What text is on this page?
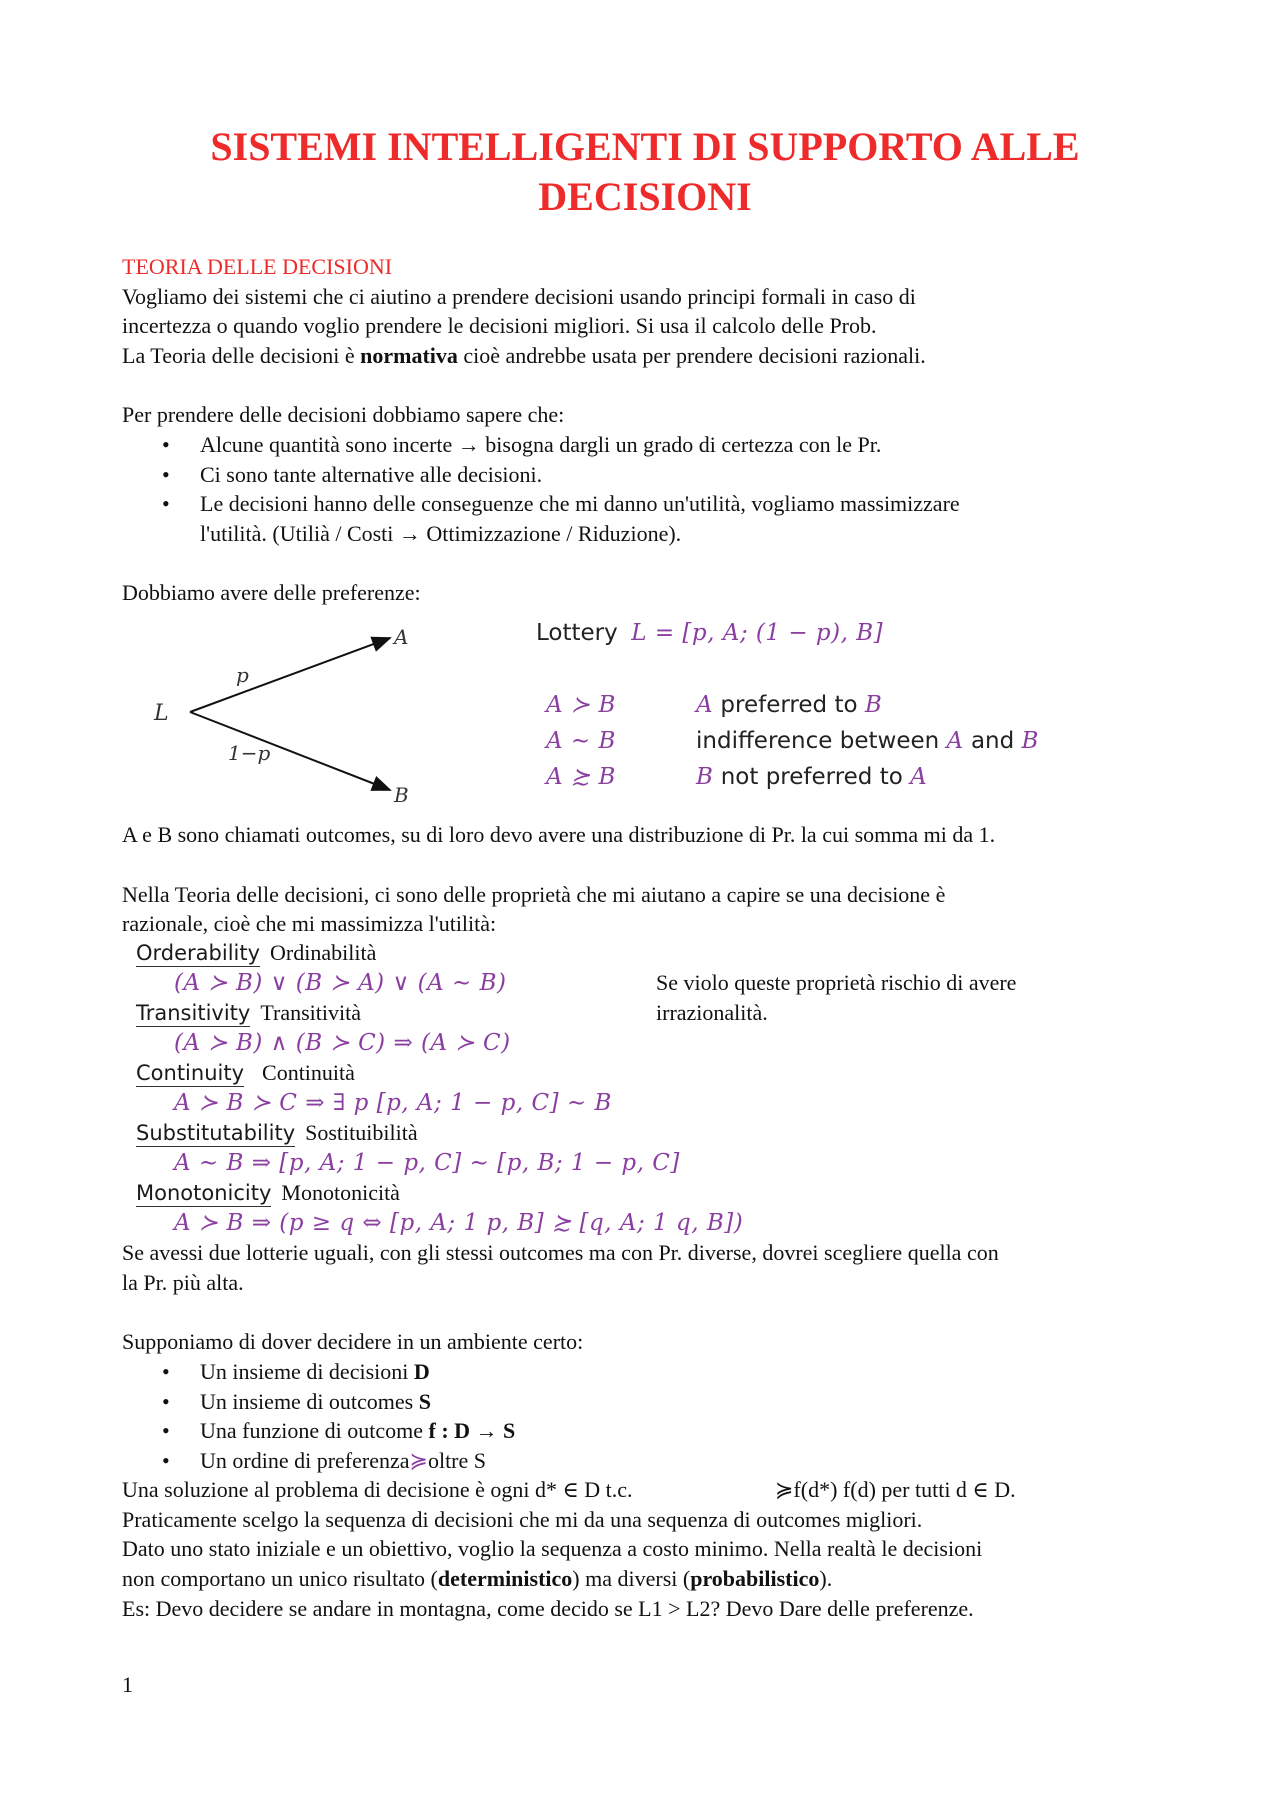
SISTEMI INTELLIGENTI DI SUPPORTO ALLE DECISIONI
TEORIA DELLE DECISIONI
Vogliamo dei sistemi che ci aiutino a prendere decisioni usando principi formali in caso di
incertezza o quando voglio prendere le decisioni migliori. Si usa il calcolo delle Prob.
La Teoria delle decisioni è normativa cioè andrebbe usata per prendere decisioni razionali.
Per prendere delle decisioni dobbiamo sapere che:
• Alcune quantità sono incerte → bisogna dargli un grado di certezza con le Pr.
• Ci sono tante alternative alle decisioni.
• Le decisioni hanno delle conseguenze che mi danno un'utilità, vogliamo massimizzare
l'utilità. (Utilià / Costi → Ottimizzazione / Riduzione).
Dobbiamo avere delle preferenze:
L
A
B
p
1−p
Lottery L = [p, A; (1 − p), B]
A ≻ B	A preferred to B
A ∼ B	indifference between A and B
A ≿ B	B not preferred to A
A e B sono chiamati outcomes, su di loro devo avere una distribuzione di Pr. la cui somma mi da 1.
Nella Teoria delle decisioni, ci sono delle proprietà che mi aiutano a capire se una decisione è
razionale, cioè che mi massimizza l'utilità:
Se violo queste proprietà rischio di avere
irrazionalità.
Orderability Ordinabilità
(A ≻ B) ∨ (B ≻ A) ∨ (A ∼ B)
Transitivity Transitività
(A ≻ B) ∧ (B ≻ C) ⇒ (A ≻ C)
Continuity Continuità
A ≻ B ≻ C ⇒ ∃ p [p, A; 1 − p, C] ∼ B
Substitutability Sostituibilità
A ∼ B ⇒ [p, A; 1 − p, C] ∼ [p, B; 1 − p, C]
Monotonicity Monotonicità
A ≻ B ⇒ (p ≥ q ⇔ [p, A; 1 p, B] ≿ [q, A; 1 q, B])
Se avessi due lotterie uguali, con gli stessi outcomes ma con Pr. diverse, dovrei scegliere quella con
la Pr. più alta.
Supponiamo di dover decidere in un ambiente certo:
• Un insieme di decisioni D
• Un insieme di outcomes S
• Una funzione di outcome f : D → S
• Un ordine di preferenza≽oltre S
Una soluzione al problema di decisione è ogni d* ∈ D t.c.	≽f(d*) f(d) per tutti d ∈ D.
Praticamente scelgo la sequenza di decisioni che mi da una sequenza di outcomes migliori.
Dato uno stato iniziale e un obiettivo, voglio la sequenza a costo minimo. Nella realtà le decisioni
non comportano un unico risultato (deterministico) ma diversi (probabilistico).
Es: Devo decidere se andare in montagna, come decido se L1 > L2? Devo Dare delle preferenze.
1
